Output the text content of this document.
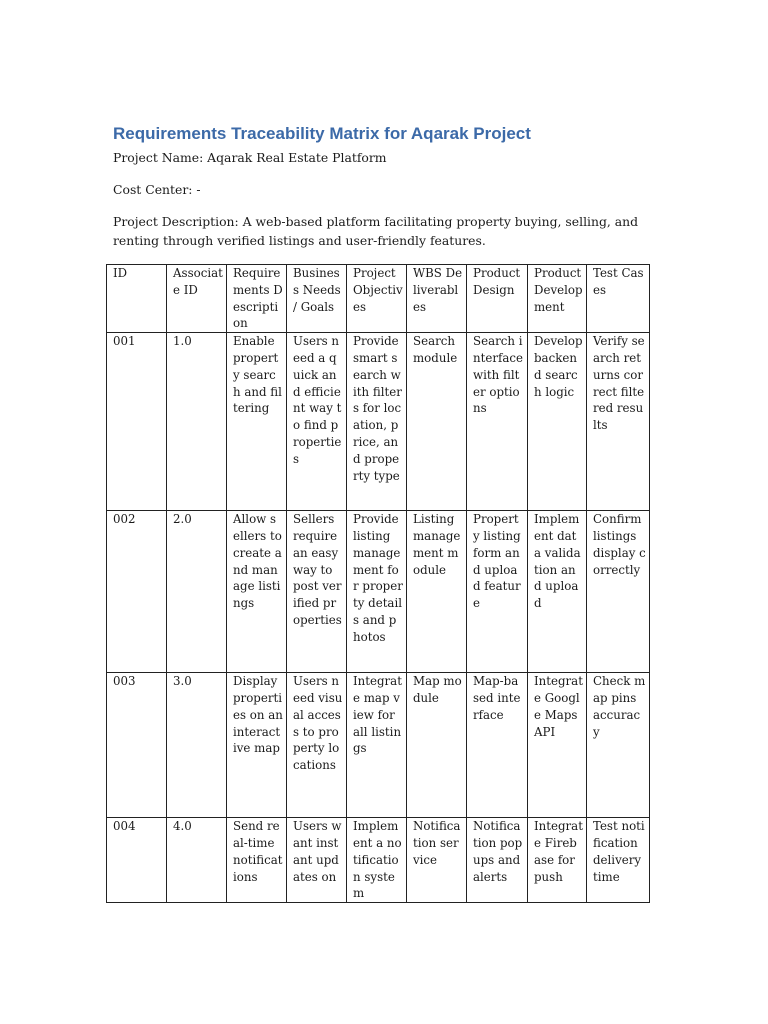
Requirements Traceability Matrix for Aqarak Project

Project Name: Aqarak Real Estate Platform

Cost Center: -

Project Description: A web-based platform facilitating property buying, selling, and renting through verified listings and user-friendly features.

ID	Associate ID	Requirements Description	Business Needs / Goals	Project Objectives	WBS Deliverables	Product Design	Product Development	Test Cases

001	1.0	Enable property search and filtering	Users need a quick and efficient way to find properties	Provide smart search with filters for location, price, and property type	Search module	Search interface with filter options	Develop backend search logic	Verify search returns correct filtered results

002	2.0	Allow sellers to create and manage listings	Sellers require an easy way to post verified properties	Provide listing management for property details and photos	Listing management module	Property listing form and upload feature	Implement data validation and upload	Confirm listings display correctly

003	3.0	Display properties on an interactive map	Users need visual access to property locations	Integrate map view for all listings	Map module	Map-based interface	Integrate Google Maps API	Check map pins accuracy

004	4.0	Send real-time notifications	Users want instant updates on	Implement a notification system	Notification service	Notification popups and alerts	Integrate Firebase for push	Test notification delivery time
